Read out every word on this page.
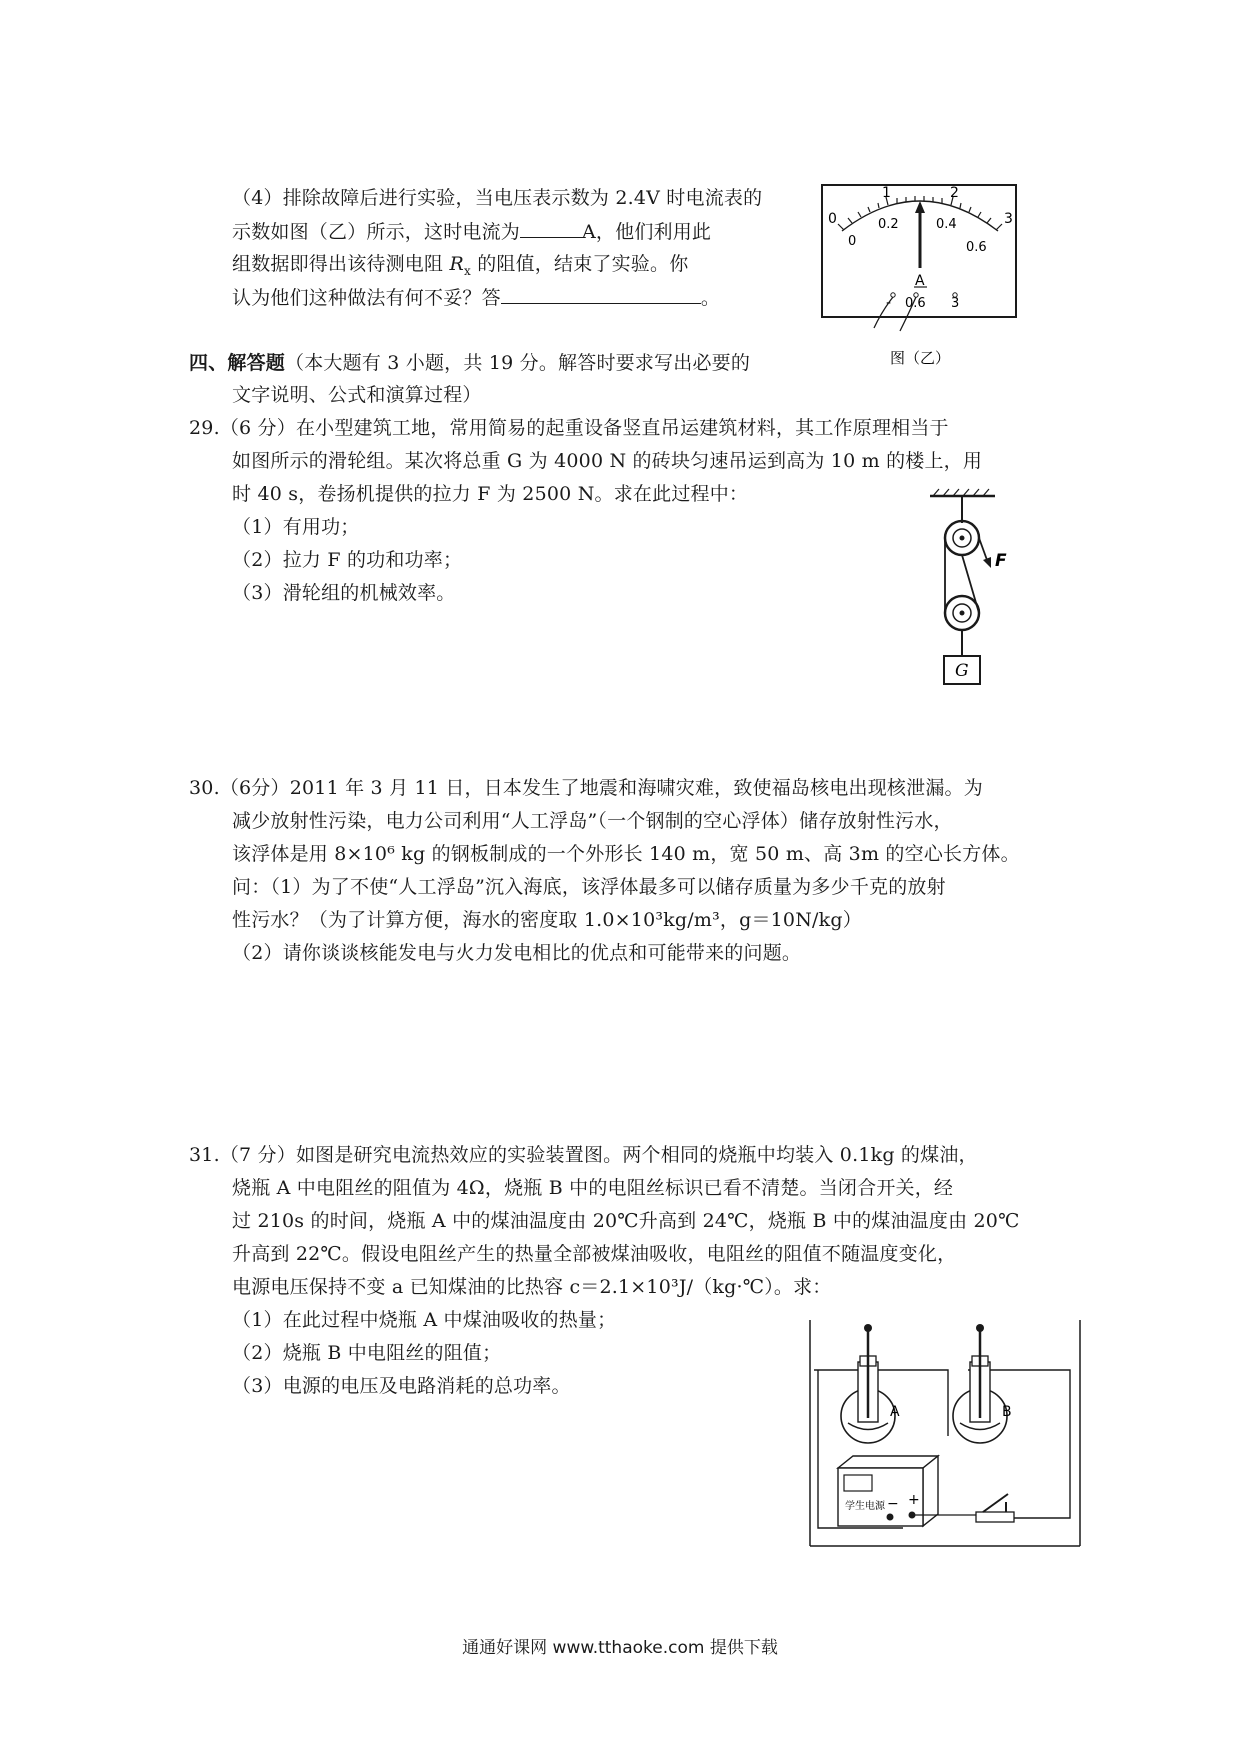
（4）排除故障后进行实验，当电压表示数为 2.4V 时电流表的
示数如图（乙）所示，这时电流为	A，他们利用此
组数据即得出该待测电阻 $R_x$ 的阻值，结束了实验。你
认为他们这种做法有何不妥？答	。
0
1	2
3
0
0.2	0.4
0.6
A
- 0.6 3
图（乙）
四、解答题（本大题有 3 小题，共 19 分。解答时要求写出必要的
文字说明、公式和演算过程）
29.（6 分）在小型建筑工地，常用简易的起重设备竖直吊运建筑材料，其工作原理相当于
如图所示的滑轮组。某次将总重 G 为 4000 N 的砖块匀速吊运到高为 10 m 的楼上，用
时 40 s，卷扬机提供的拉力 F 为 2500 N。求在此过程中：
（1）有用功；
（2）拉力 F 的功和功率；
（3）滑轮组的机械效率。
F
G
30.（6分）2011 年 3 月 11 日，日本发生了地震和海啸灾难，致使福岛核电出现核泄漏。为
减少放射性污染，电力公司利用“人工浮岛”（一个钢制的空心浮体）储存放射性污水，
该浮体是用 8×10⁶ kg 的钢板制成的一个外形长 140 m，宽 50 m、高 3m 的空心长方体。
问：（1）为了不使“人工浮岛”沉入海底，该浮体最多可以储存质量为多少千克的放射
性污水？（为了计算方便，海水的密度取 1.0×10³kg/m³，g＝10N/kg）
（2）请你谈谈核能发电与火力发电相比的优点和可能带来的问题。
31.（7 分）如图是研究电流热效应的实验装置图。两个相同的烧瓶中均装入 0.1kg 的煤油，
烧瓶 A 中电阻丝的阻值为 4Ω，烧瓶 B 中的电阻丝标识已看不清楚。当闭合开关，经
过 210s 的时间，烧瓶 A 中的煤油温度由 20℃升高到 24℃，烧瓶 B 中的煤油温度由 20℃
升高到 22℃。假设电阻丝产生的热量全部被煤油吸收，电阻丝的阻值不随温度变化，
电源电压保持不变 a 已知煤油的比热容 c＝2.1×10³J/（kg·℃）。求：
（1）在此过程中烧瓶 A 中煤油吸收的热量；
（2）烧瓶 B 中电阻丝的阻值；
（3）电源的电压及电路消耗的总功率。
A	B
学生电源 − +
通通好课网 www.tthaoke.com 提供下载
